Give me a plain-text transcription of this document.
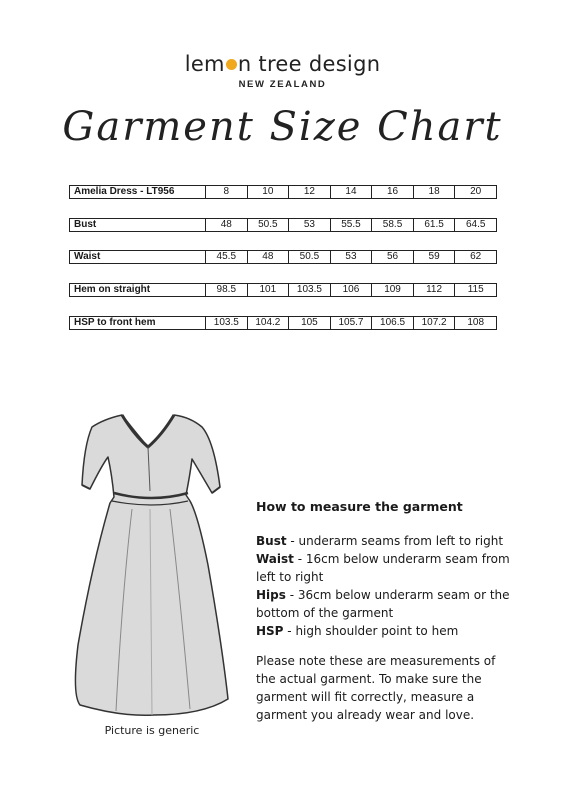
lem n tree design
NEW ZEALAND
Garment Size Chart
Amelia Dress - LT956	8	10	12	14	16	18	20
Bust	48	50.5	53	55.5	58.5	61.5	64.5
Waist	45.5	48	50.5	53	56	59	62
Hem on straight	98.5	101	103.5	106	109	112	115
HSP to front hem	103.5	104.2	105	105.7	106.5	107.2	108
Picture is generic
How to measure the garment

Bust - underarm seams from left to right

Waist - 16cm below underarm seam from left to right

Hips - 36cm below underarm seam or the bottom of the garment

HSP - high shoulder point to hem

Please note these are measurements of the actual garment. To make sure the garment will fit correctly, measure a garment you already wear and love.
